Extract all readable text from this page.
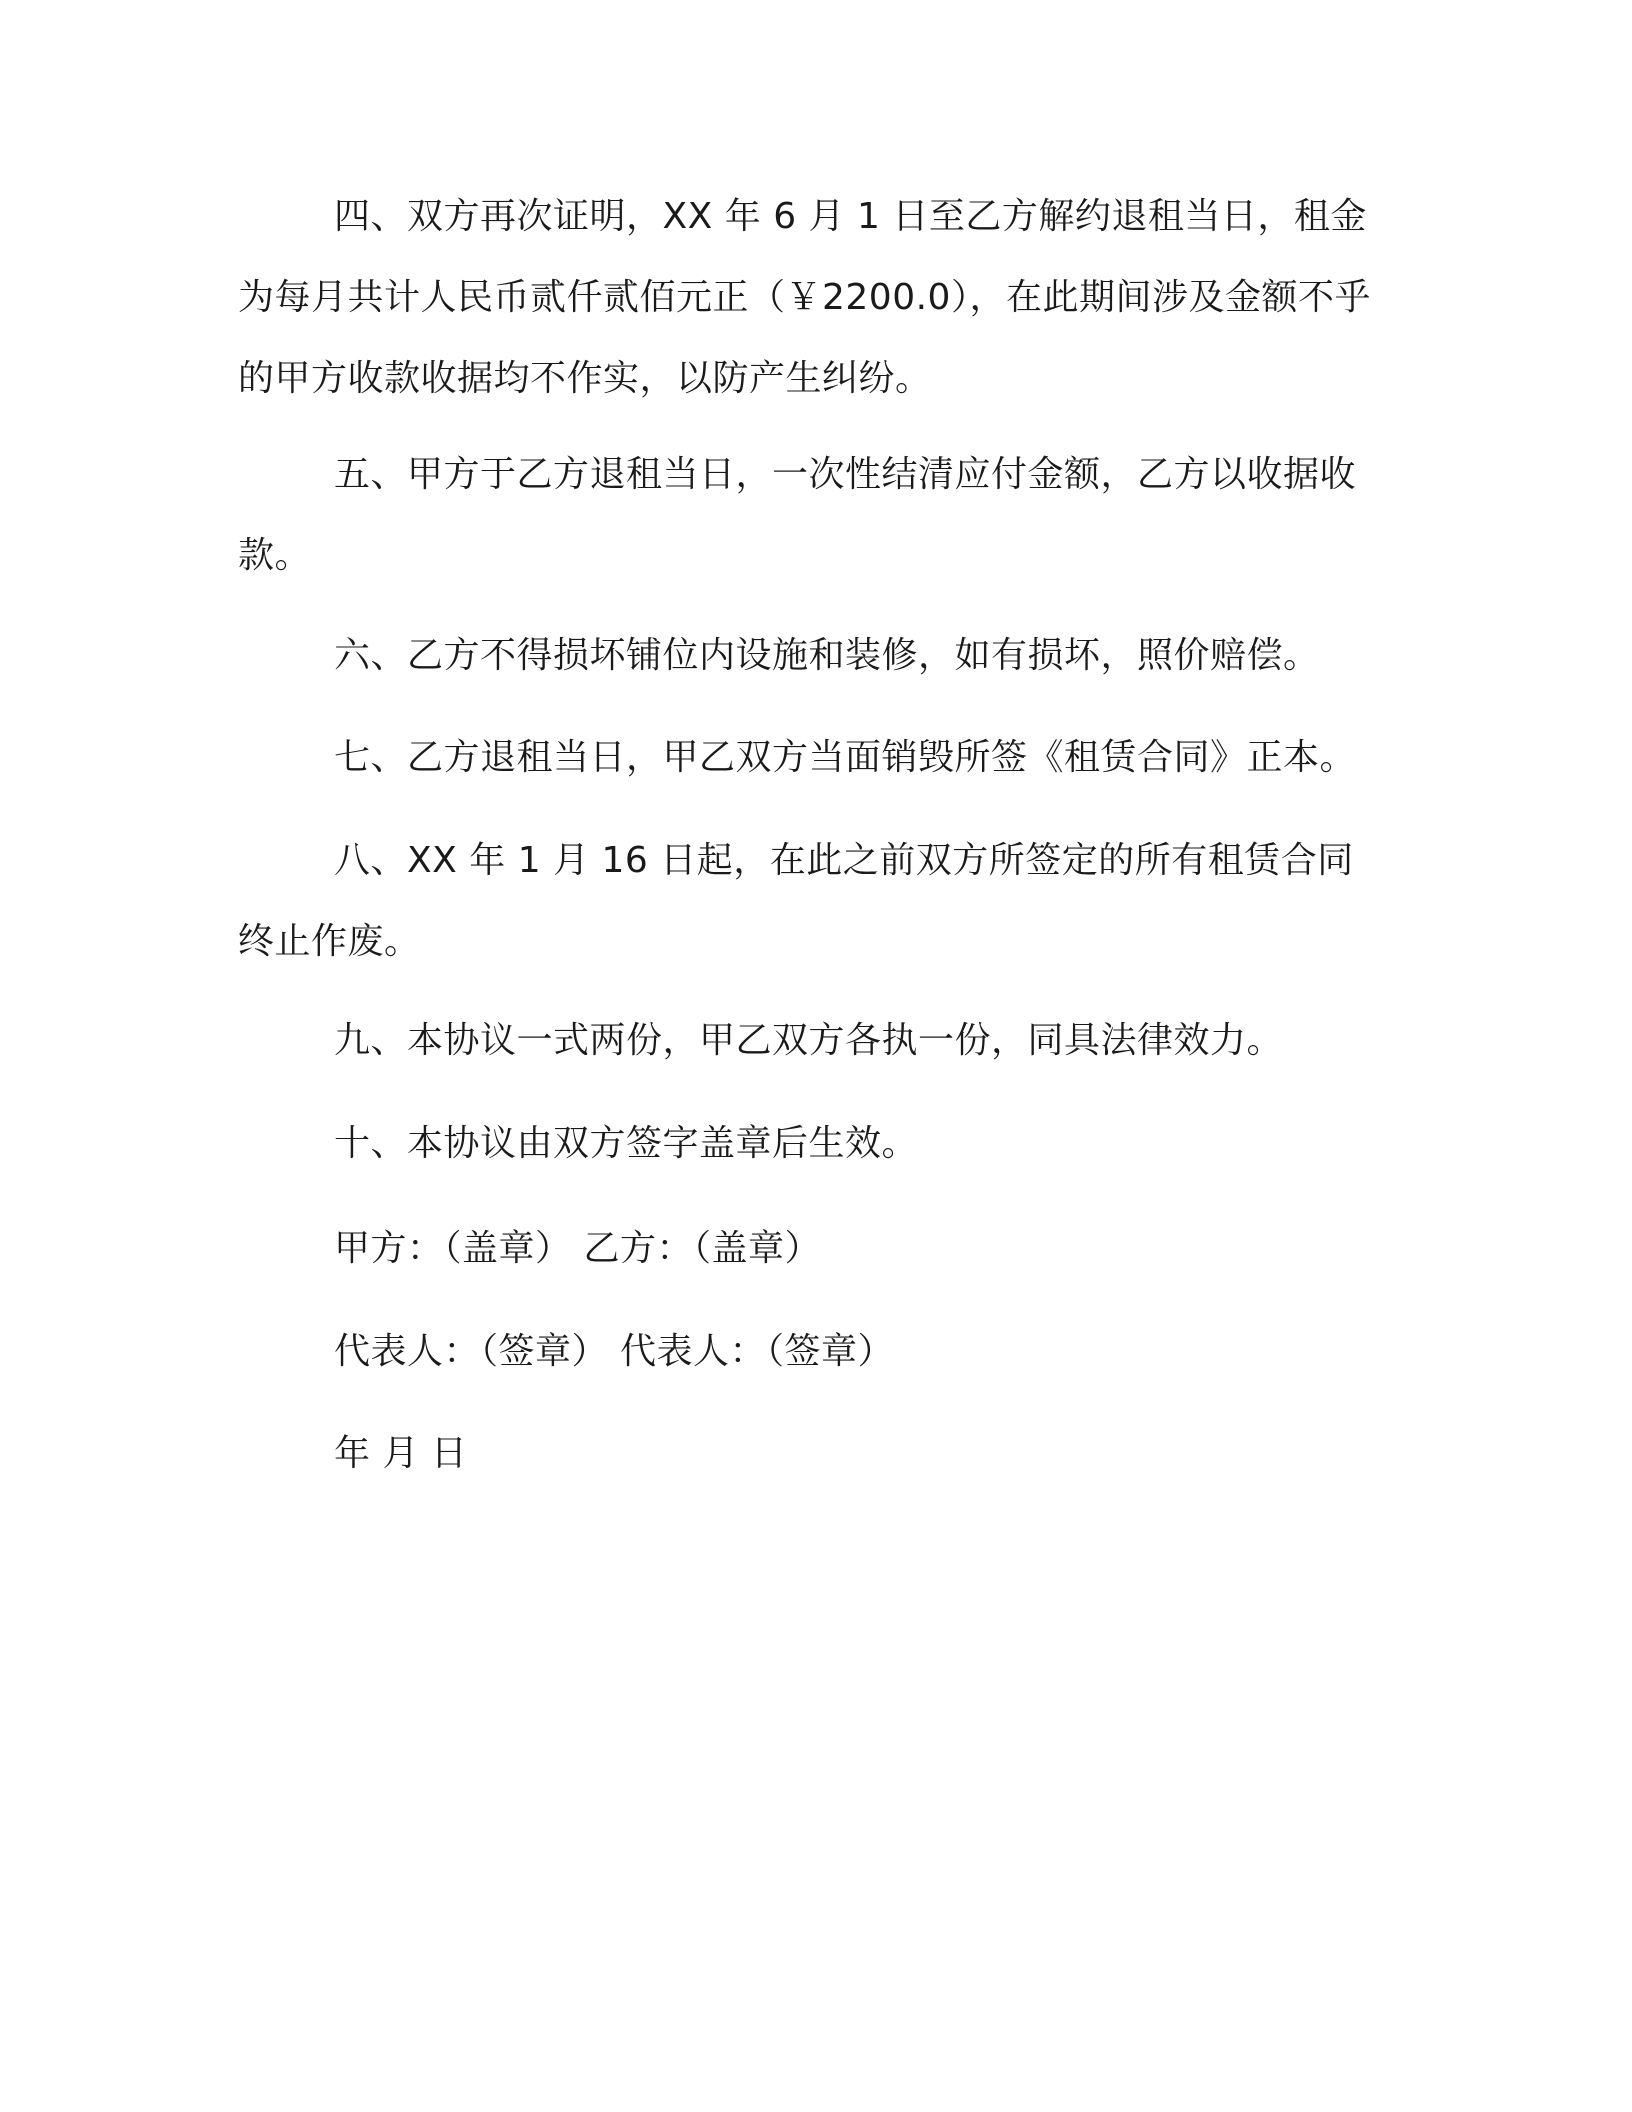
四、双方再次证明，XX 年 6 月 1 日至乙方解约退租当日，租金为每月共计人民币贰仟贰佰元正（￥2200.0），在此期间涉及金额不乎的甲方收款收据均不作实，以防产生纠纷。

五、甲方于乙方退租当日，一次性结清应付金额，乙方以收据收款。

六、乙方不得损坏铺位内设施和装修，如有损坏，照价赔偿。

七、乙方退租当日，甲乙双方当面销毁所签《租赁合同》正本。

八、XX 年 1 月 16 日起，在此之前双方所签定的所有租赁合同终止作废。

九、本协议一式两份，甲乙双方各执一份，同具法律效力。

十、本协议由双方签字盖章后生效。

甲方：（盖章） 乙方：（盖章）

代表人：（签章） 代表人：（签章）

年 月 日
